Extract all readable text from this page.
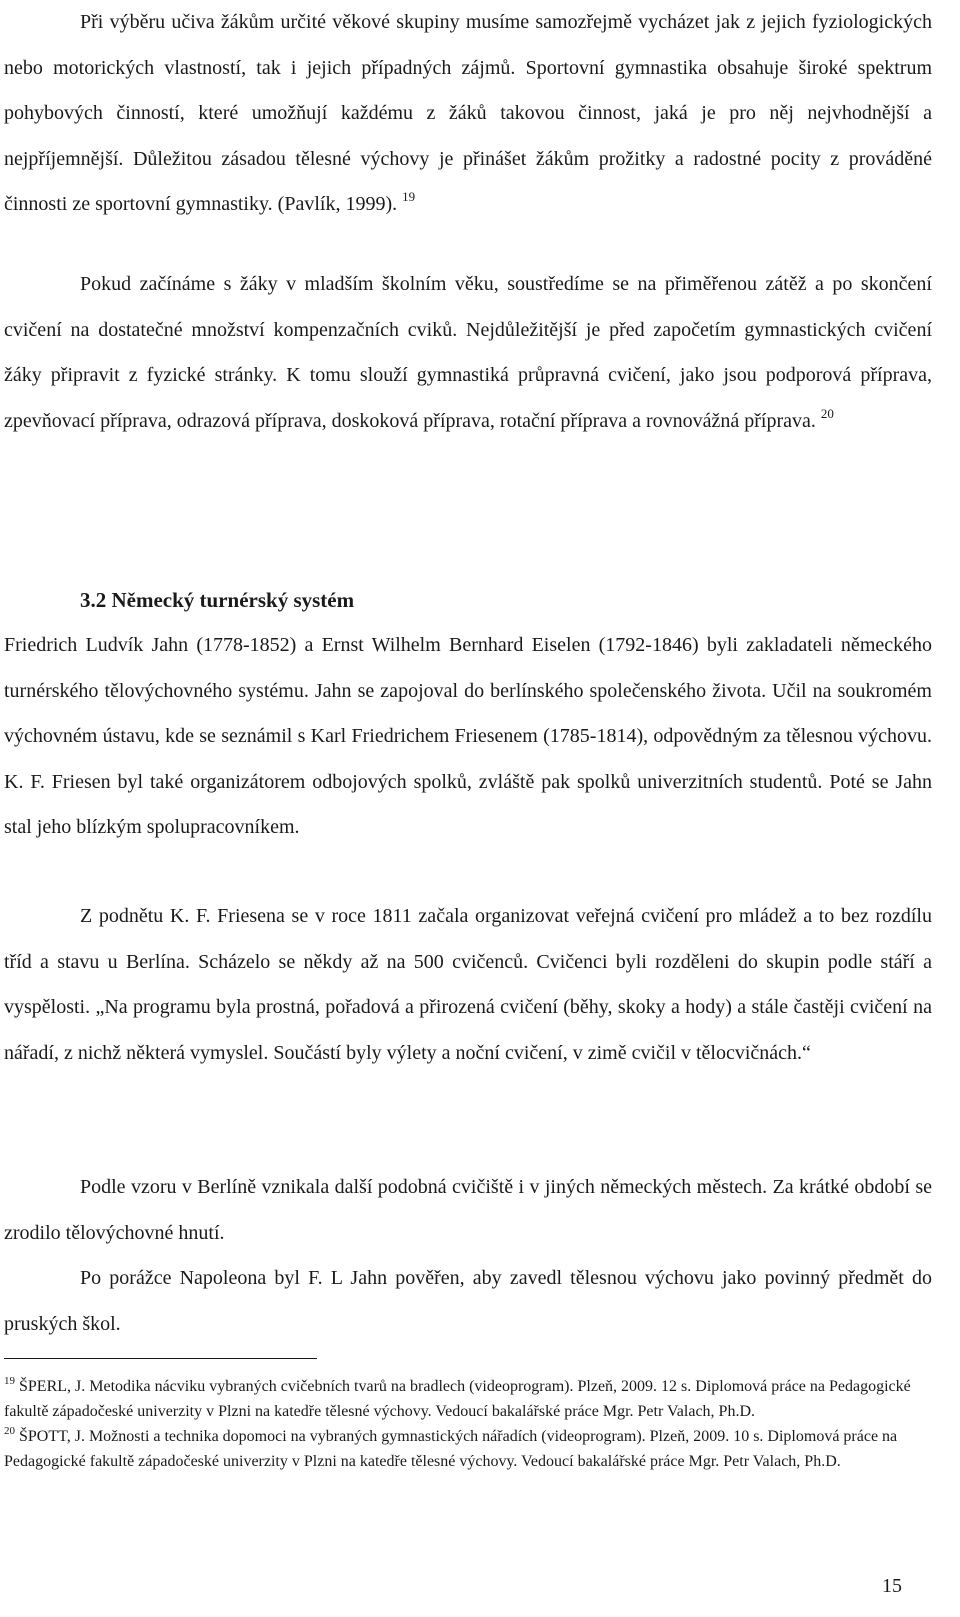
Při výběru učiva žákům určité věkové skupiny musíme samozřejmě vycházet jak z jejich fyziologických nebo motorických vlastností, tak i jejich případných zájmů. Sportovní gymnastika obsahuje široké spektrum pohybových činností, které umožňují každému z žáků takovou činnost, jaká je pro něj nejvhodnější a nejpříjemnější. Důležitou zásadou tělesné výchovy je přinášet žákům prožitky a radostné pocity z prováděné činnosti ze sportovní gymnastiky. (Pavlík, 1999). $^{19}$

Pokud začínáme s žáky v mladším školním věku, soustředíme se na přiměřenou zátěž a po skončení cvičení na dostatečné množství kompenzačních cviků. Nejdůležitější je před započetím gymnastických cvičení žáky připravit z fyzické stránky. K tomu slouží gymnastiká průpravná cvičení, jako jsou podporová příprava, zpevňovací příprava, odrazová příprava, doskoková příprava, rotační příprava a rovnovážná příprava. $^{20}$

3.2 Německý turnérský systém

Friedrich Ludvík Jahn (1778-1852) a Ernst Wilhelm Bernhard Eiselen (1792-1846) byli zakladateli německého turnérského tělovýchovného systému. Jahn se zapojoval do berlínského společenského života. Učil na soukromém výchovném ústavu, kde se seznámil s Karl Friedrichem Friesenem (1785-1814), odpovědným za tělesnou výchovu. K. F. Friesen byl také organizátorem odbojových spolků, zvláště pak spolků univerzitních studentů. Poté se Jahn stal jeho blízkým spolupracovníkem.

Z podnětu K. F. Friesena se v roce 1811 začala organizovat veřejná cvičení pro mládež a to bez rozdílu tříd a stavu u Berlína. Scházelo se někdy až na 500 cvičenců. Cvičenci byli rozděleni do skupin podle stáří a vyspělosti. „Na programu byla prostná, pořadová a přirozená cvičení (běhy, skoky a hody) a stále častěji cvičení na nářadí, z nichž některá vymyslel. Součástí byly výlety a noční cvičení, v zimě cvičil v tělocvičnách.“

Podle vzoru v Berlíně vznikala další podobná cvičiště i v jiných německých městech. Za krátké období se zrodilo tělovýchovné hnutí.

Po porážce Napoleona byl F. L Jahn pověřen, aby zavedl tělesnou výchovu jako povinný předmět do pruských škol.

$^{19}$ ŠPERL, J. Metodika nácviku vybraných cvičebních tvarů na bradlech (videoprogram). Plzeň, 2009. 12 s. Diplomová práce na Pedagogické fakultě západočeské univerzity v Plzni na katedře tělesné výchovy. Vedoucí bakalářské práce Mgr. Petr Valach, Ph.D.

$^{20}$ ŠPOTT, J. Možnosti a technika dopomoci na vybraných gymnastických nářadích (videoprogram). Plzeň, 2009. 10 s. Diplomová práce na Pedagogické fakultě západočeské univerzity v Plzni na katedře tělesné výchovy. Vedoucí bakalářské práce Mgr. Petr Valach, Ph.D.

15
